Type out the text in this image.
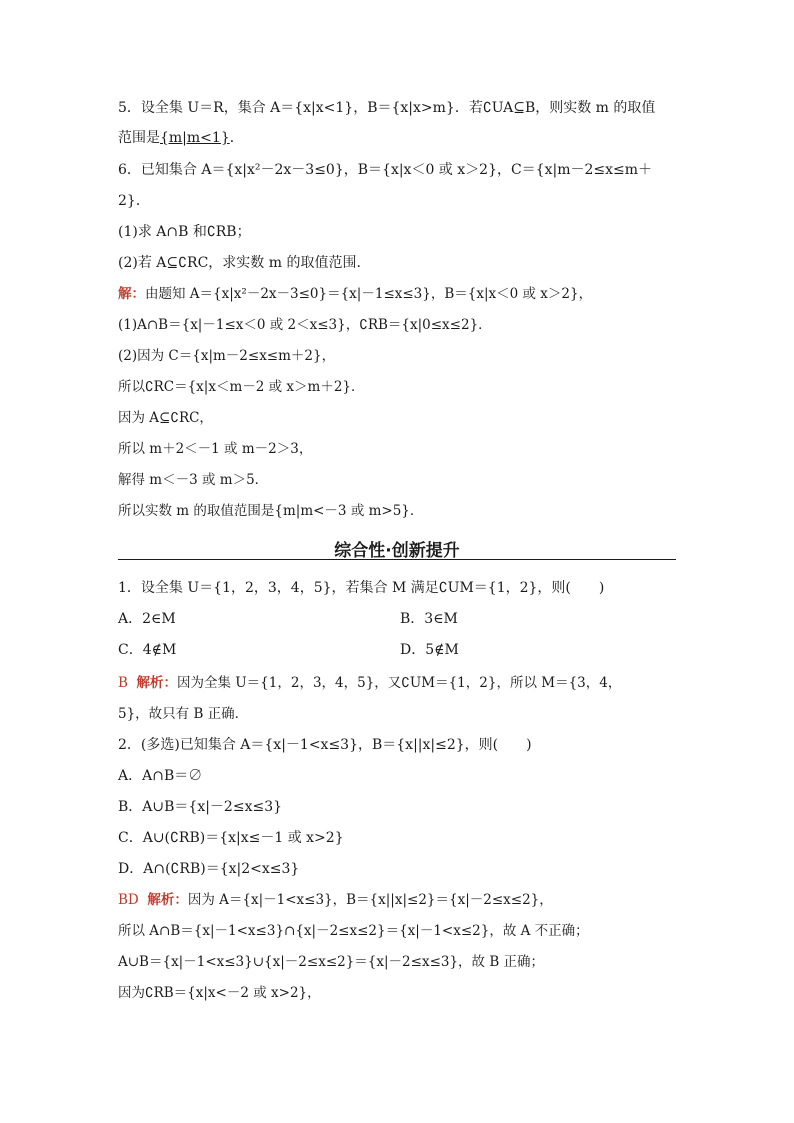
5．设全集 U＝R，集合 A＝{x|x<1}，B＝{x|x>m}．若∁UA⊆B，则实数 m 的取值
范围是{m|m<1}．
6．已知集合 A＝{x|x²－2x－3≤0}，B＝{x|x＜0 或 x＞2}，C＝{x|m－2≤x≤m＋
2}．
(1)求 A∩B 和∁RB；
(2)若 A⊆∁RC，求实数 m 的取值范围．
解：由题知 A＝{x|x²－2x－3≤0}＝{x|－1≤x≤3}，B＝{x|x＜0 或 x＞2}，
(1)A∩B＝{x|－1≤x＜0 或 2＜x≤3}，∁RB＝{x|0≤x≤2}．
(2)因为 C＝{x|m－2≤x≤m＋2}，
所以∁RC＝{x|x＜m－2 或 x＞m＋2}．
因为 A⊆∁RC，
所以 m＋2＜－1 或 m－2＞3，
解得 m＜－3 或 m＞5．
所以实数 m 的取值范围是{m|m<－3 或 m>5}．
综合性·创新提升
1．设全集 U＝{1，2，3，4，5}，若集合 M 满足∁UM＝{1，2}，则(　　)
A．2∈M	B．3∈M
C．4∉M	D．5∉M
B 解析：因为全集 U＝{1，2，3，4，5}，又∁UM＝{1，2}，所以 M＝{3，4，
5}，故只有 B 正确．
2．(多选)已知集合 A＝{x|－1<x≤3}，B＝{x||x|≤2}，则(　　)
A．A∩B＝∅
B．A∪B＝{x|－2≤x≤3}
C．A∪(∁RB)＝{x|x≤－1 或 x>2}
D．A∩(∁RB)＝{x|2<x≤3}
BD 解析：因为 A＝{x|－1<x≤3}，B＝{x||x|≤2}＝{x|－2≤x≤2}，
所以 A∩B＝{x|－1<x≤3}∩{x|－2≤x≤2}＝{x|－1<x≤2}，故 A 不正确；
A∪B＝{x|－1<x≤3}∪{x|－2≤x≤2}＝{x|－2≤x≤3}，故 B 正确；
因为∁RB＝{x|x<－2 或 x>2}，
